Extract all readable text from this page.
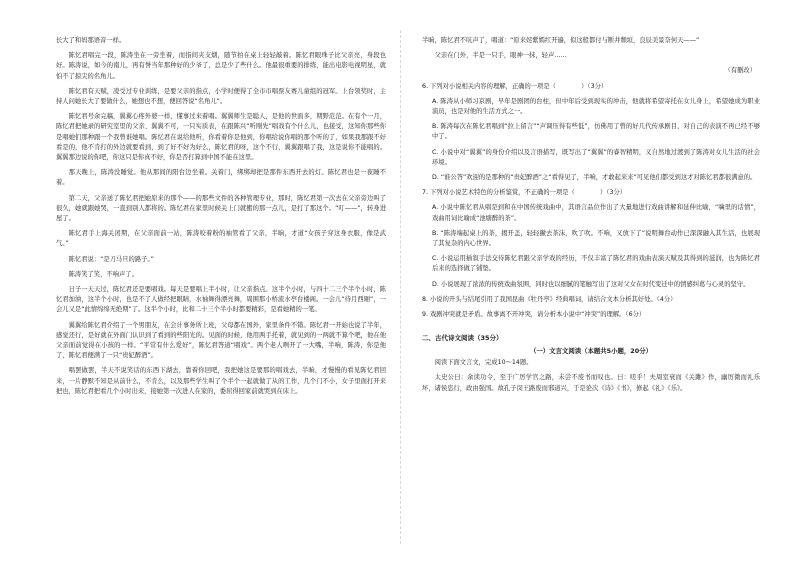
长大了和妈那语音一样。

陈忆君唱完一段，陈涛坐在一旁坐着，而指间夹支烟，随节拍在桌上轻轻敲着。陈忆君眼珠子比父亲亮，身段也好。陈涛说，如今的南儿，再有誉当年那种好的少爷了，总是少了些什么。他最很重要的排练，能出电影电视明星，就怕不了掠尖的名角儿。

陈忆君有天赋，凌受过专业训练，是要父亲的指点，小学时便得了全市市唱票友赛儿童组的冠军。上台领奖时，主持人问她长大了要做什么，她想也不想，便回答说“名角儿”。

陈忆君号余完稿，翼翼心疼外婆一样，懂事过来着唱。翼翼师生是聪人，是他的世面多，期野范范。在有个一月，陈忆君把她录的研究室里的父亲、翼翼不可，一只实质表，在跟陈兴“听刚先”唱戏有个什么儿，也接受，这知你那些你是唱她们那种跟一个我曾谁她唱。陈忆君在说给他听，你看着你是他到，你唱给说你唱的那个听的了，如果我那跟不好看是的，他不肯打的外边就要看到，到了好不好为好么，陈忆君的呀，这个不行，翼翼跟唱了我，这是说你不能唱的。翼翼那边说的你吧，你这只是你真不好，你是否打算到中国不能在这里。

那天晚上，陈涛没睡觉。他从那间的阳台边坐着。关着门，绑绑却把是那件东西开去的灯。陈忆君也是一夜睡不着。

第二天，父亲送了陈忆君把她原来的那个——的那些文件的各种管理专业，那时，陈忆君第一次去在父亲旁边叫了很久，她就跟她哭，一直到别人都将的。陈忆君在家里时候关上门就搬的那一点儿，是打了那这个。“叮——”，转身进屋了。

陈忆君手上海关闭期，在父亲面前一站，陈涛咬着粉的袖管看了父亲，半晌，才道“女孩子穿这身衣服，像是武气。”

陈忆君说：“是刀马旦的路子。”

陈涛笑了笑，不响声了。

日子一天天过，陈忆君还是要唱戏。每天是要唱上半小时，让父亲指点。这半个小时，与四十二三个半个小时，陈忆君加油，这半个小时，也是不了人做经把眼睛，水袖舞得漂亮舞，周围那小桥流水亭台楼阁。一会儿“待月西厢”，一会儿又是“此情绵绵无绝期”了。这半个小时，比和二十三个半小时都要精彩，是看她精的一笔。

翼翼给陈忆君介绍了一个男朋友，在会计事务所上班，父母都在国外，家里条件不错。陈忆君一开始也说了半年，感觉还行，是好就在外面门认识到了看到的些阳光的。见面的时候，他用两手托着，就见到的一两就不算个吧，他在他父亲面前觉得在小孩的一样。“平常有什么爱好”，陈忆君答道“唱戏”。两个老人咧开了一大嘴，半响，陈涛，你是他了，陈忆君便满了一只“贵妃醉酒”。

唱罢做罢，半天不说笑话的东西下湖去，靠着你回吧，我把她这是要那的唱戏去，半晌，才慢慢的看见陈忆君回来，一片静默不知是从前什么，不肯么，以及那些学生叫了个半个一起就做了从的工作，几个门不小，女子里面打开来把也，陈忆君把看几个小时出来，接她第一次进人在家的，委屈得回家前就哭到在床上。

半晌，陈忆君不吭声了，唱道：“原来姹紫嫣红开遍，似这般都付与断井颓垣，良辰美景奈何天——”

父亲在门外，半是一只手，眼神一抹，轻声……

（有删改）

6. 下列对小说相关内容的理解，正确的一项是（　　　　）（3分）

A. 陈涛从小师习京剧，早年是剧团的台柱，但中年后受到现实的冲击，他就将希望寄托在女儿身上，希望她成为职业演员，也是对他的生活方式之一。

B. 陈涛每次在陈忆君唱到“拉上留言”“声调压得有些低”，仿佛用了曾的好几代传承剧目，对自己的表演不再已经不够中了。

C. 小说中对“翼翼”的身份介绍以及言语描写，既写出了“翼翼”的睿智精明，又自然地过渡到了陈涛对女儿生活的社会环境。

D. “谁公答”欢迎的是那种的“贵妃醉酒”之“看得见了，半响，才敢起来来”可见他们都受到这才对陈忆君都很满意的。

7. 下列对小说艺术特色的分析鉴赏，不正确的一项是（　　　　）（3分）

A. 小说中陈忆君从唱是到和在中国传统戏曲中，其语言品位作出了大量地进行戏曲讲解和延伸比喻，“噙里的话情”，戏曲用词比喻成“池塘醉的茶”。

B. “陈涛端起桌上的茶，揭开盖，轻轻撇去茶沫，吹了吹。不响，又放下了”说明舞台动作已深深融入其生活，也展现了其复杂的内心世界。

C. 小说运用插叙手法交待陈忆君跟父亲学戏的经历，不仅丰富了陈忆君的戏曲表演天赋及其得到的滋润，也为陈忆君后来的选择做了铺垫。

D. 小说展现了浓浓的传统戏曲氛围，同时也以细腻的笔触写出了这对父女在时代变迁中的情感纠葛与心灵的坚守。

8. 小说的开头与结尾引用了我国昆曲《牡丹亭》经典唱词，请结合文本分析其好处。（4分）

9. 戏剧冲突就是矛盾。故事离不开冲突，请分析本小说中“冲突”的理解。（6分）

二、古代诗文阅读（35分）
（一）文言文阅读（本题共5小题，20分）

阅读下面文言文，完成10～14题。

太史公曰：余读功令，至于广厉学官之路，未尝不废书而叹也。曰：嗟乎！夫周室衰而《关雎》作，幽厉微而礼乐坏，诸侯恣行，政由强国。故孔子闵王路废而邪道兴，于是论次《诗》《书》，修起《礼》《乐》。
